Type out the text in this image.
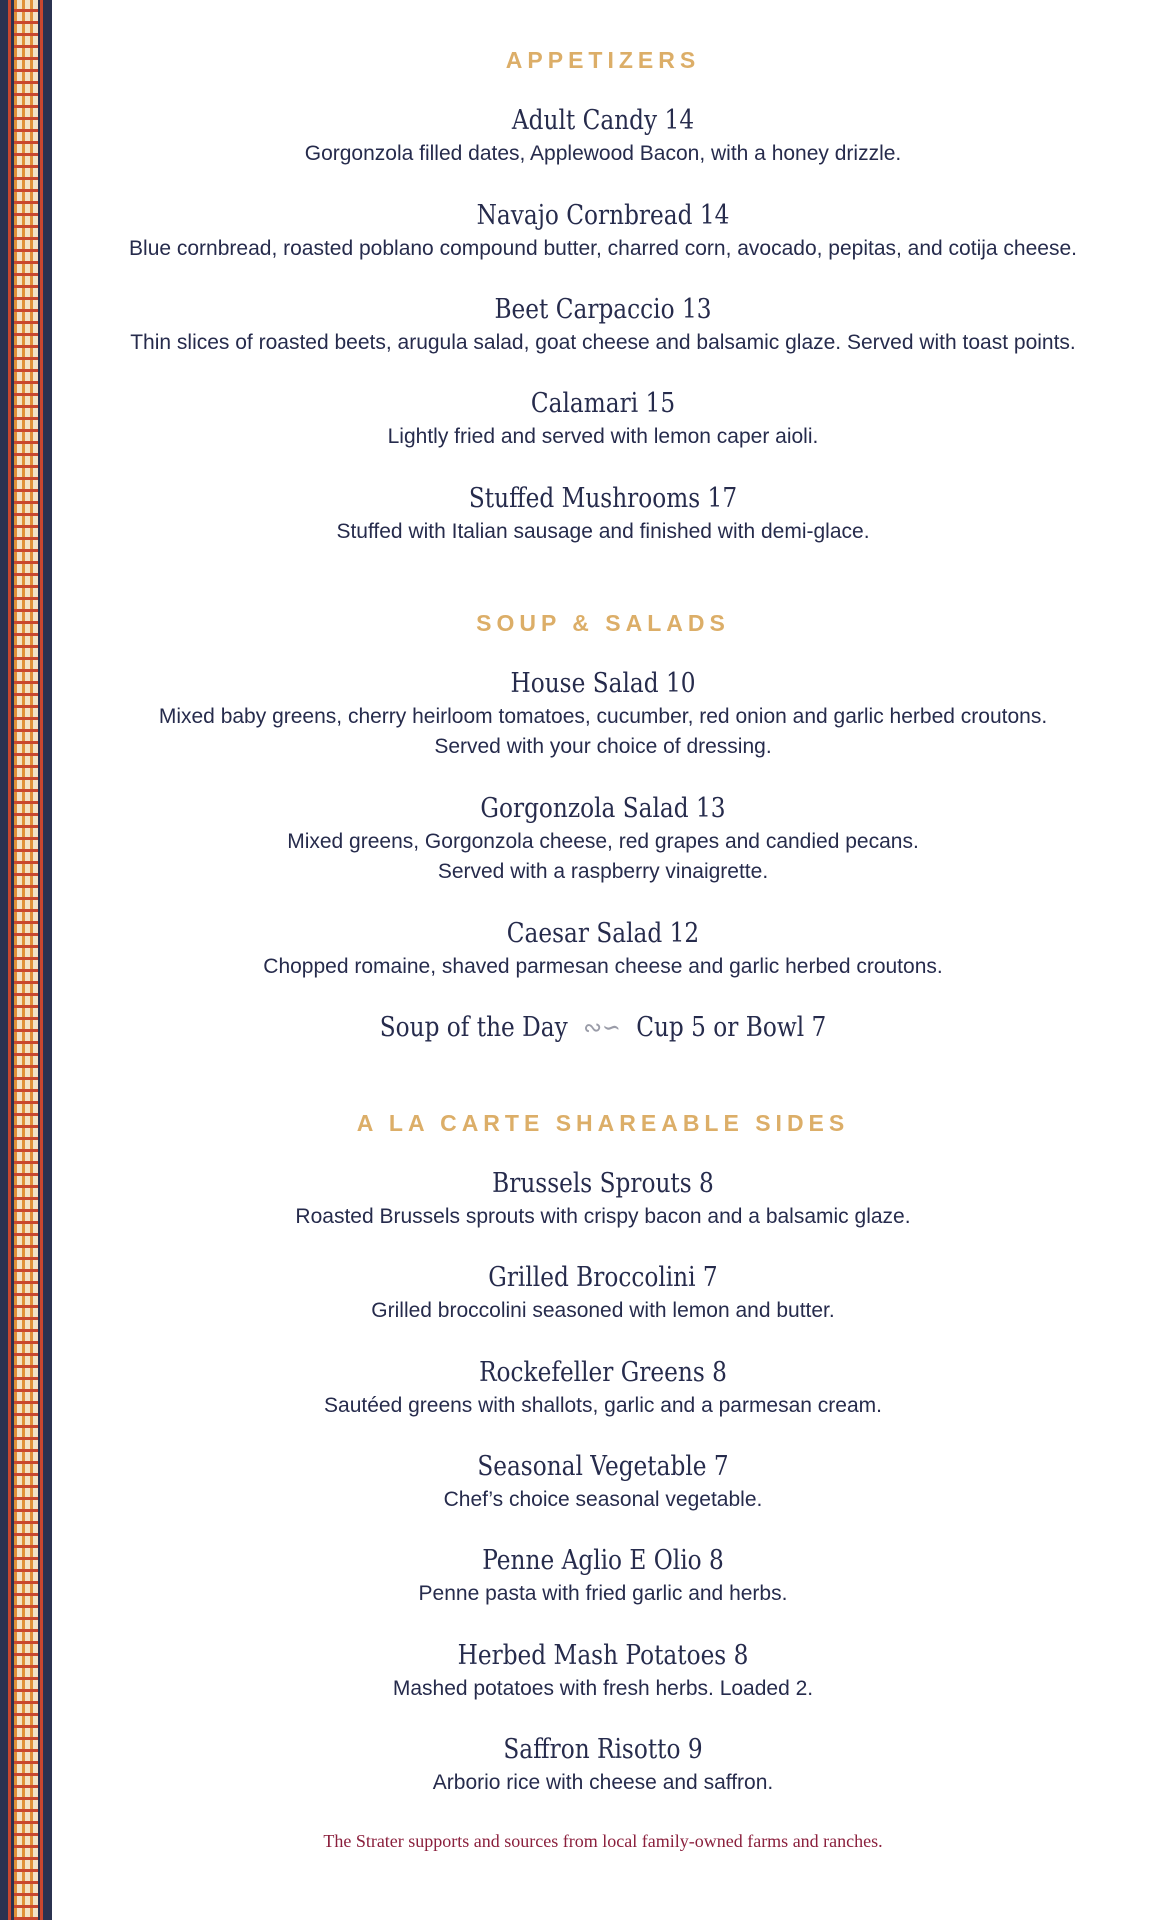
APPETIZERS
Adult Candy 14
Gorgonzola filled dates, Applewood Bacon, with a honey drizzle.
Navajo Cornbread 14
Blue cornbread, roasted poblano compound butter, charred corn, avocado, pepitas, and cotija cheese.
Beet Carpaccio 13
Thin slices of roasted beets, arugula salad, goat cheese and balsamic glaze. Served with toast points.
Calamari 15
Lightly fried and served with lemon caper aioli.
Stuffed Mushrooms 17
Stuffed with Italian sausage and finished with demi-glace.
SOUP & SALADS
House Salad 10
Mixed baby greens, cherry heirloom tomatoes, cucumber, red onion and garlic herbed croutons.
Served with your choice of dressing.
Gorgonzola Salad 13
Mixed greens, Gorgonzola cheese, red grapes and candied pecans.
Served with a raspberry vinaigrette.
Caesar Salad 12
Chopped romaine, shaved parmesan cheese and garlic herbed croutons.
Soup of the Day ∾∽ Cup 5 or Bowl 7
A LA CARTE SHAREABLE SIDES
Brussels Sprouts 8
Roasted Brussels sprouts with crispy bacon and a balsamic glaze.
Grilled Broccolini 7
Grilled broccolini seasoned with lemon and butter.
Rockefeller Greens 8
Sautéed greens with shallots, garlic and a parmesan cream.
Seasonal Vegetable 7
Chef’s choice seasonal vegetable.
Penne Aglio E Olio 8
Penne pasta with fried garlic and herbs.
Herbed Mash Potatoes 8
Mashed potatoes with fresh herbs. Loaded 2.
Saffron Risotto 9
Arborio rice with cheese and saffron.
The Strater supports and sources from local family-owned farms and ranches.
